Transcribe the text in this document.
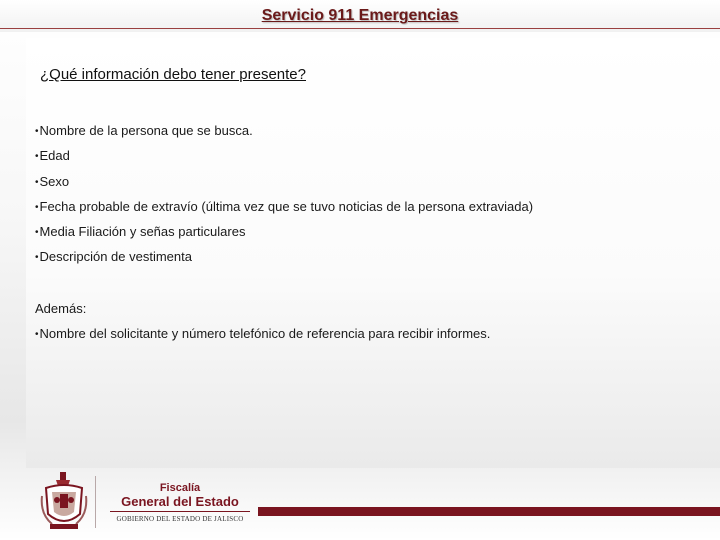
Servicio 911 Emergencias
¿Qué información debo tener presente?
•Nombre de la persona que se busca.
•Edad
•Sexo
•Fecha probable de extravío (última vez que se tuvo noticias de la persona extraviada)
•Media Filiación y señas particulares
•Descripción de vestimenta
Además:
•Nombre del solicitante y número telefónico de referencia para recibir informes.
Fiscalía
General del Estado
GOBIERNO DEL ESTADO DE JALISCO
